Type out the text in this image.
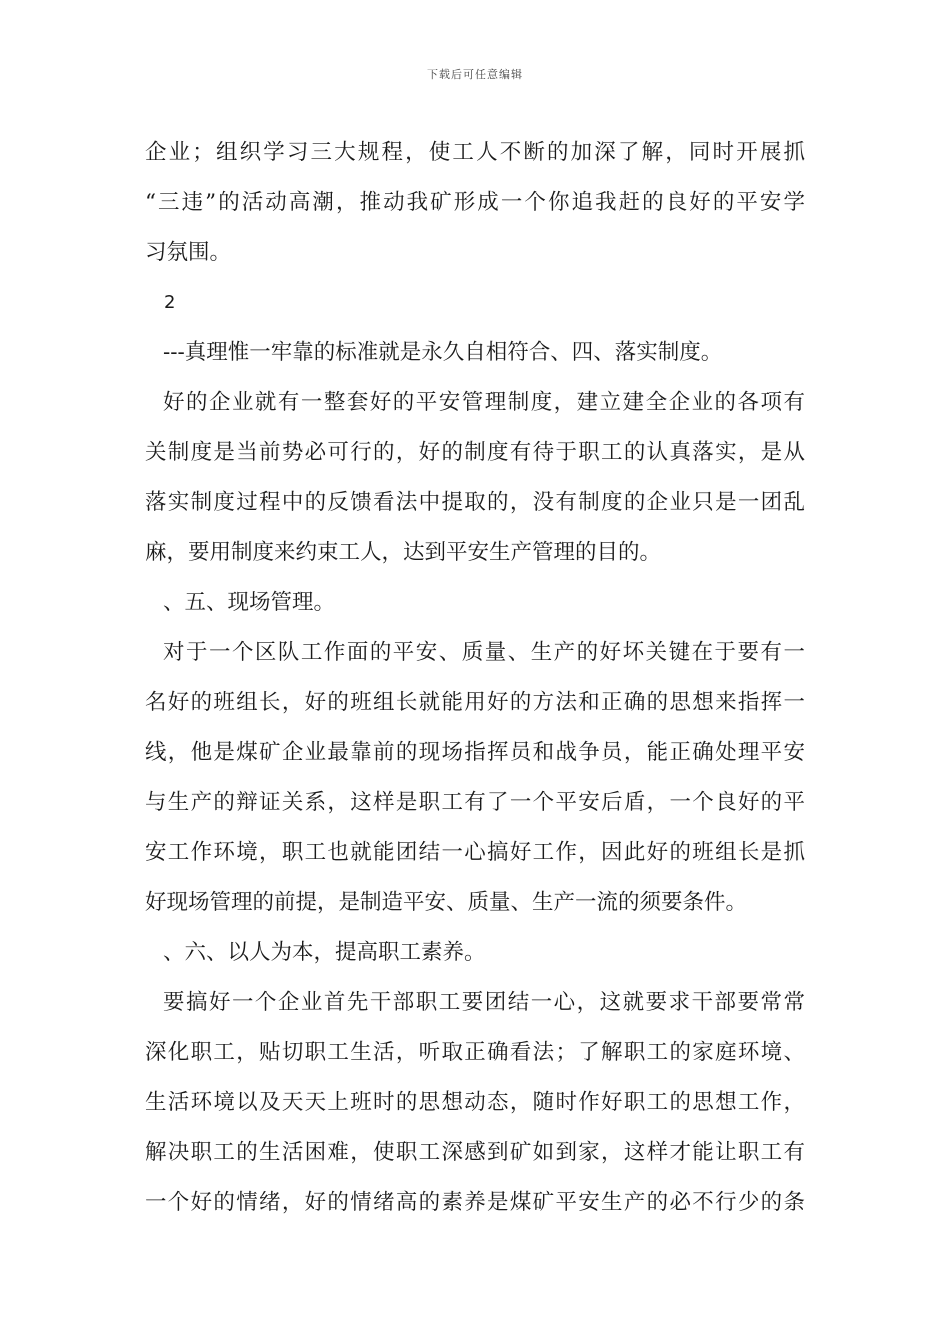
下载后可任意编辑
企业；组织学习三大规程，使工人不断的加深了解，同时开展抓
“三违”的活动高潮，推动我矿形成一个你追我赶的良好的平安学
习氛围。
2
---真理惟一牢靠的标准就是永久自相符合、四、落实制度。
好的企业就有一整套好的平安管理制度，建立建全企业的各项有
关制度是当前势必可行的，好的制度有待于职工的认真落实，是从
落实制度过程中的反馈看法中提取的，没有制度的企业只是一团乱
麻，要用制度来约束工人，达到平安生产管理的目的。
、五、现场管理。
对于一个区队工作面的平安、质量、生产的好坏关键在于要有一
名好的班组长，好的班组长就能用好的方法和正确的思想来指挥一
线，他是煤矿企业最靠前的现场指挥员和战争员，能正确处理平安
与生产的辩证关系，这样是职工有了一个平安后盾，一个良好的平
安工作环境，职工也就能团结一心搞好工作，因此好的班组长是抓
好现场管理的前提，是制造平安、质量、生产一流的须要条件。
、六、以人为本，提高职工素养。
要搞好一个企业首先干部职工要团结一心，这就要求干部要常常
深化职工，贴切职工生活，听取正确看法；了解职工的家庭环境、
生活环境以及天天上班时的思想动态，随时作好职工的思想工作，
解决职工的生活困难，使职工深感到矿如到家，这样才能让职工有
一个好的情绪，好的情绪高的素养是煤矿平安生产的必不行少的条
